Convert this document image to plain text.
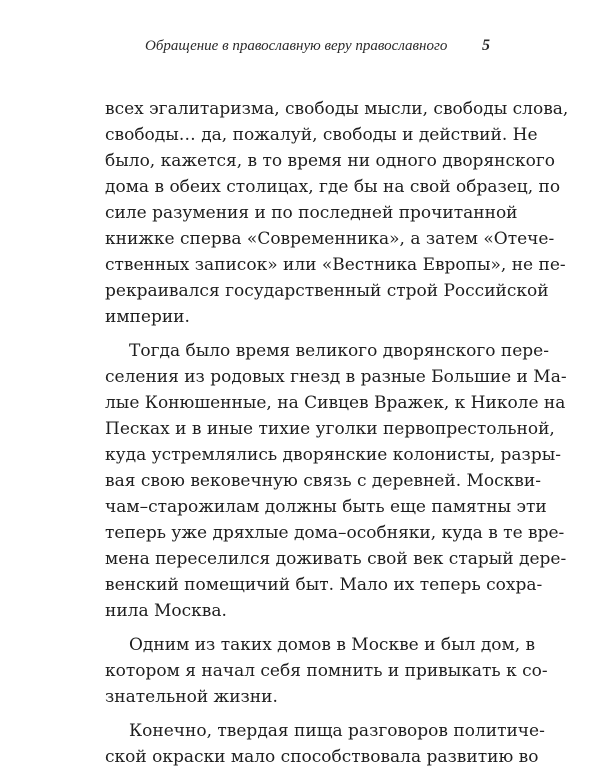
Обращение в православную веру православного 5
всех эгалитаризма, свободы мысли, свободы слова,
свободы… да, пожалуй, свободы и действий. Не
было, кажется, в то время ни одного дворянского
дома в обеих столицах, где бы на свой образец, по
силе разумения и по последней прочитанной
книжке сперва «Современника», а затем «Отече-
ственных записок» или «Вестника Европы», не пе-
рекраивался государственный строй Российской
империи.
Тогда было время великого дворянского пере-
селения из родовых гнезд в разные Большие и Ма-
лые Конюшенные, на Сивцев Вражек, к Николе на
Песках и в иные тихие уголки первопрестольной,
куда устремлялись дворянские колонисты, разры-
вая свою вековечную связь с деревней. Москви-
чам–старожилам должны быть еще памятны эти
теперь уже дряхлые дома–особняки, куда в те вре-
мена переселился доживать свой век старый дере-
венский помещичий быт. Мало их теперь сохра-
нила Москва.
Одним из таких домов в Москве и был дом, в
котором я начал себя помнить и привыкать к со-
знательной жизни.
Конечно, твердая пища разговоров политиче-
ской окраски мало способствовала развитию во
